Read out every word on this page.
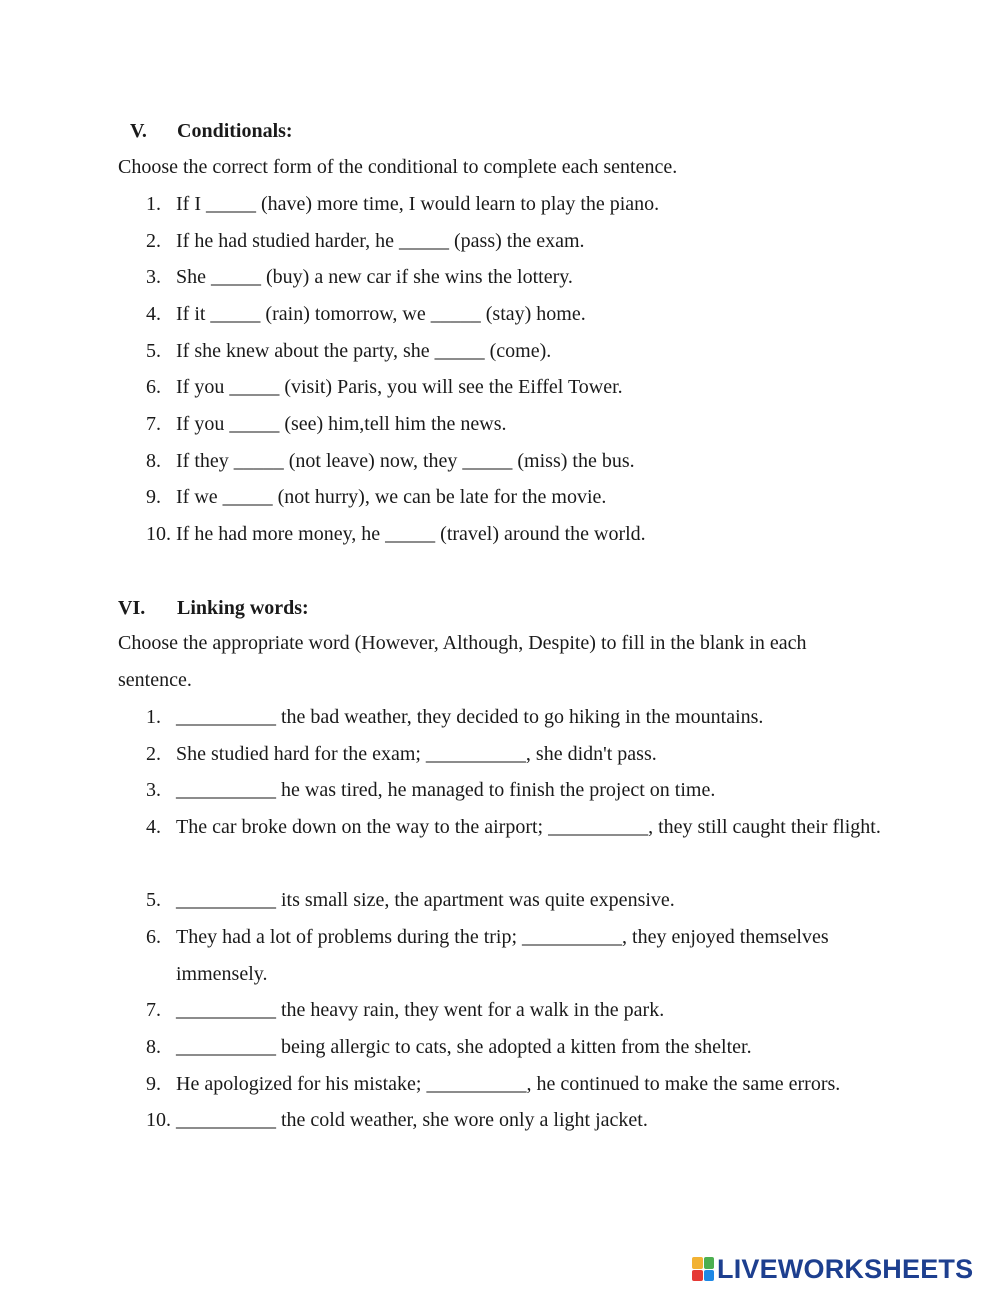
V. Conditionals:
Choose the correct form of the conditional to complete each sentence.
1. If I _____ (have) more time, I would learn to play the piano.
2. If he had studied harder, he _____ (pass) the exam.
3. She _____ (buy) a new car if she wins the lottery.
4. If it _____ (rain) tomorrow, we _____ (stay) home.
5. If she knew about the party, she _____ (come).
6. If you _____ (visit) Paris, you will see the Eiffel Tower.
7. If you _____ (see) him,tell him the news.
8. If they _____ (not leave) now, they _____ (miss) the bus.
9. If we _____ (not hurry), we can be late for the movie.
10. If he had more money, he _____ (travel) around the world.
VI. Linking words:
Choose the appropriate word (However, Although, Despite) to fill in the blank in each sentence.
1. __________ the bad weather, they decided to go hiking in the mountains.
2. She studied hard for the exam; __________, she didn't pass.
3. __________ he was tired, he managed to finish the project on time.
4. The car broke down on the way to the airport; __________, they still caught their flight.
5. __________ its small size, the apartment was quite expensive.
6. They had a lot of problems during the trip; __________, they enjoyed themselves immensely.
7. __________ the heavy rain, they went for a walk in the park.
8. __________ being allergic to cats, she adopted a kitten from the shelter.
9. He apologized for his mistake; __________, he continued to make the same errors.
10. __________ the cold weather, she wore only a light jacket.
LIVEWORKSHEETS
